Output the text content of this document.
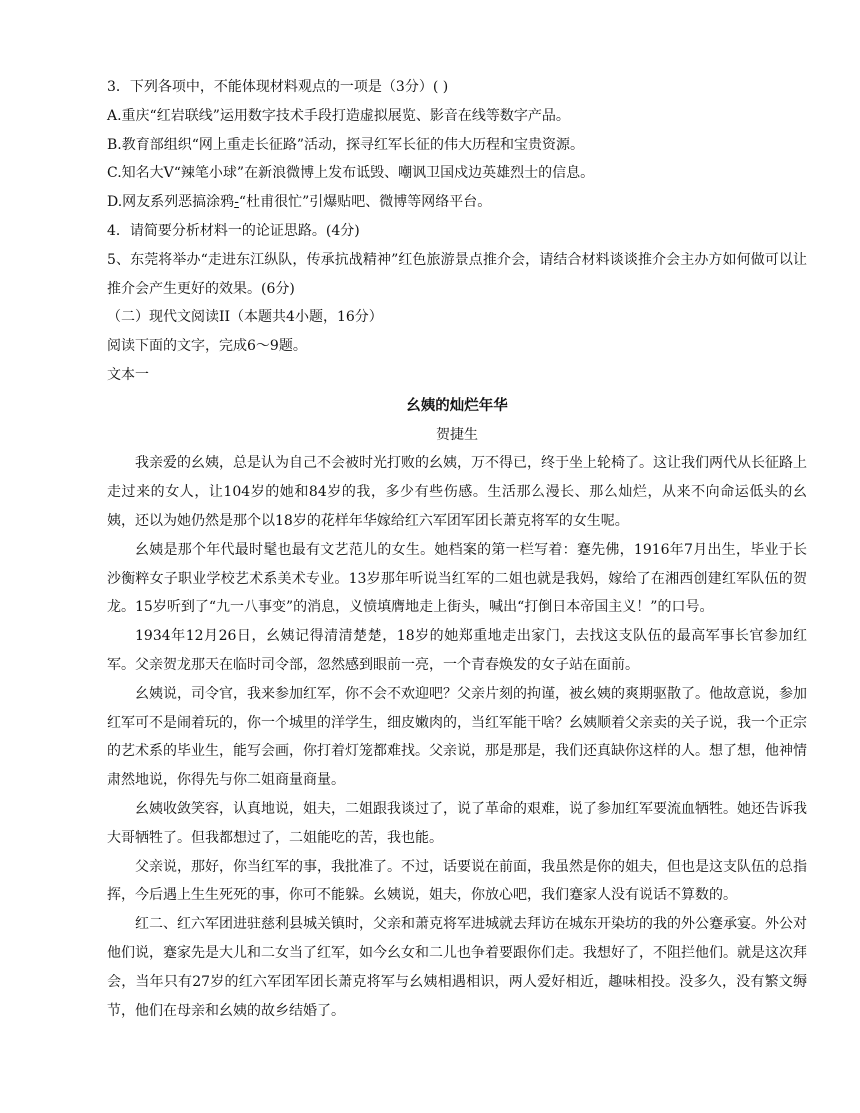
3．下列各项中，不能体现材料观点的一项是（3分）( )

A.重庆“红岩联线”运用数字技术手段打造虚拟展览、影音在线等数字产品。

B.教育部组织“网上重走长征路”活动，探寻红军长征的伟大历程和宝贵资源。

C.知名大V“辣笔小球”在新浪微博上发布诋毁、嘲讽卫国戍边英雄烈士的信息。

D.网友系列恶搞涂鸦-“杜甫很忙”引爆贴吧、微博等网络平台。

4．请简要分析材料一的论证思路。(4分)

5、东莞将举办“走进东江纵队，传承抗战精神”红色旅游景点推介会，请结合材料谈谈推介会主办方如何做可以让推介会产生更好的效果。(6分)

（二）现代文阅读II（本题共4小题，16分）

阅读下面的文字，完成6～9题。

文本一

幺姨的灿烂年华

贺捷生

我亲爱的幺姨，总是认为自己不会被时光打败的幺姨，万不得已，终于坐上轮椅了。这让我们两代从长征路上走过来的女人，让104岁的她和84岁的我，多少有些伤感。生活那么漫长、那么灿烂，从来不向命运低头的幺姨，还以为她仍然是那个以18岁的花样年华嫁给红六军团军团长萧克将军的女生呢。

幺姨是那个年代最时髦也最有文艺范儿的女生。她档案的第一栏写着：蹇先佛，1916年7月出生，毕业于长沙衡粹女子职业学校艺术系美术专业。13岁那年听说当红军的二姐也就是我妈，嫁给了在湘西创建红军队伍的贺龙。15岁听到了“九一八事变”的消息，义愤填膺地走上街头，喊出“打倒日本帝国主义！”的口号。

1934年12月26日，幺姨记得清清楚楚，18岁的她郑重地走出家门，去找这支队伍的最高军事长官参加红军。父亲贺龙那天在临时司令部，忽然感到眼前一亮，一个青春焕发的女子站在面前。

幺姨说，司令官，我来参加红军，你不会不欢迎吧？父亲片刻的拘谨，被幺姨的爽期驱散了。他故意说，参加红军可不是闹着玩的，你一个城里的洋学生，细皮嫩肉的，当红军能干啥？幺姨顺着父亲卖的关子说，我一个正宗的艺术系的毕业生，能写会画，你打着灯笼都难找。父亲说，那是那是，我们还真缺你这样的人。想了想，他神情肃然地说，你得先与你二姐商量商量。

幺姨收敛笑容，认真地说，姐夫，二姐跟我谈过了，说了革命的艰难，说了参加红军要流血牺牲。她还告诉我大哥牺牲了。但我都想过了，二姐能吃的苦，我也能。

父亲说，那好，你当红军的事，我批准了。不过，话要说在前面，我虽然是你的姐夫，但也是这支队伍的总指挥，今后遇上生生死死的事，你可不能躲。幺姨说，姐夫，你放心吧，我们蹇家人没有说话不算数的。

红二、红六军团进驻慈利县城关镇时，父亲和萧克将军进城就去拜访在城东开染坊的我的外公蹇承宴。外公对他们说，蹇家先是大儿和二女当了红军，如今幺女和二儿也争着要跟你们走。我想好了，不阻拦他们。就是这次拜会，当年只有27岁的红六军团军团长萧克将军与幺姨相遇相识，两人爱好相近，趣味相投。没多久，没有繁文缛节，他们在母亲和幺姨的故乡结婚了。
